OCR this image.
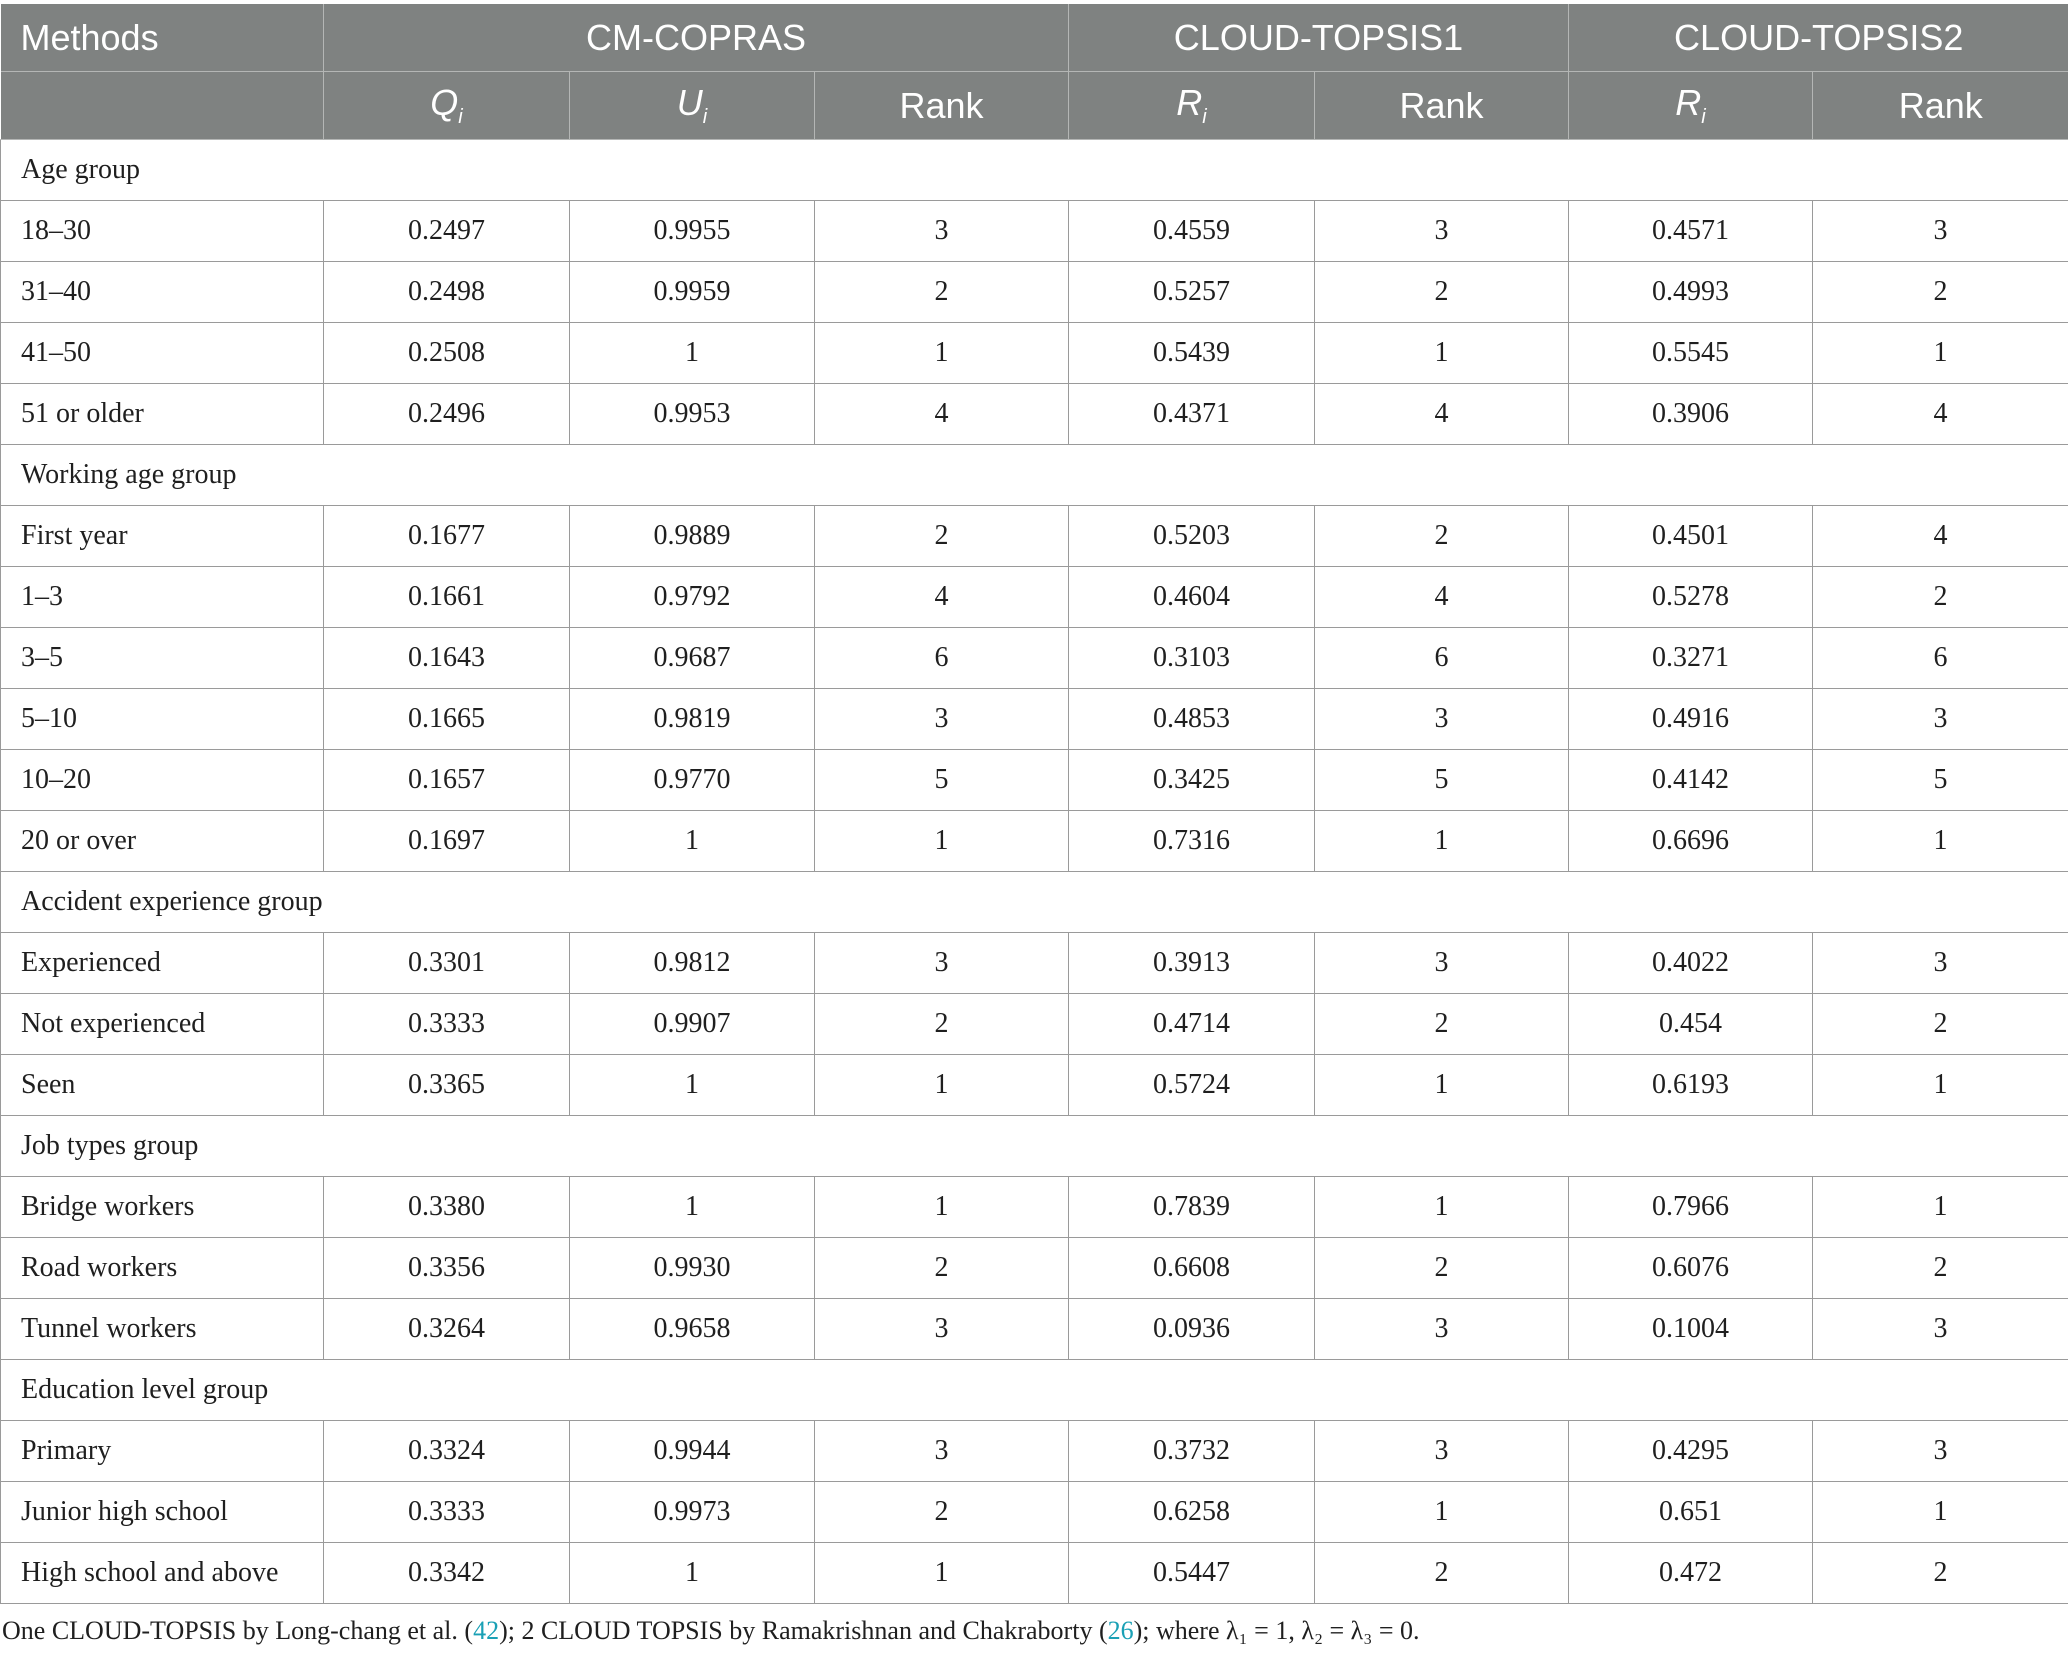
Methods	CM-COPRAS			CLOUD-TOPSIS1		CLOUD-TOPSIS2	
	$Q_i$	$U_i$	Rank	$R_i$	Rank	$R_i$	Rank
Age group							
18–30	0.2497	0.9955	3	0.4559	3	0.4571	3
31–40	0.2498	0.9959	2	0.5257	2	0.4993	2
41–50	0.2508	1	1	0.5439	1	0.5545	1
51 or older	0.2496	0.9953	4	0.4371	4	0.3906	4
Working age group							
First year	0.1677	0.9889	2	0.5203	2	0.4501	4
1–3	0.1661	0.9792	4	0.4604	4	0.5278	2
3–5	0.1643	0.9687	6	0.3103	6	0.3271	6
5–10	0.1665	0.9819	3	0.4853	3	0.4916	3
10–20	0.1657	0.9770	5	0.3425	5	0.4142	5
20 or over	0.1697	1	1	0.7316	1	0.6696	1
Accident experience group							
Experienced	0.3301	0.9812	3	0.3913	3	0.4022	3
Not experienced	0.3333	0.9907	2	0.4714	2	0.454	2
Seen	0.3365	1	1	0.5724	1	0.6193	1
Job types group							
Bridge workers	0.3380	1	1	0.7839	1	0.7966	1
Road workers	0.3356	0.9930	2	0.6608	2	0.6076	2
Tunnel workers	0.3264	0.9658	3	0.0936	3	0.1004	3
Education level group							
Primary	0.3324	0.9944	3	0.3732	3	0.4295	3
Junior high school	0.3333	0.9973	2	0.6258	1	0.651	1
High school and above	0.3342	1	1	0.5447	2	0.472	2
One CLOUD-TOPSIS by Long-chang et al. (42); 2 CLOUD TOPSIS by Ramakrishnan and Chakraborty (26); where λ₁ = 1, λ₂ = λ₃ = 0.
